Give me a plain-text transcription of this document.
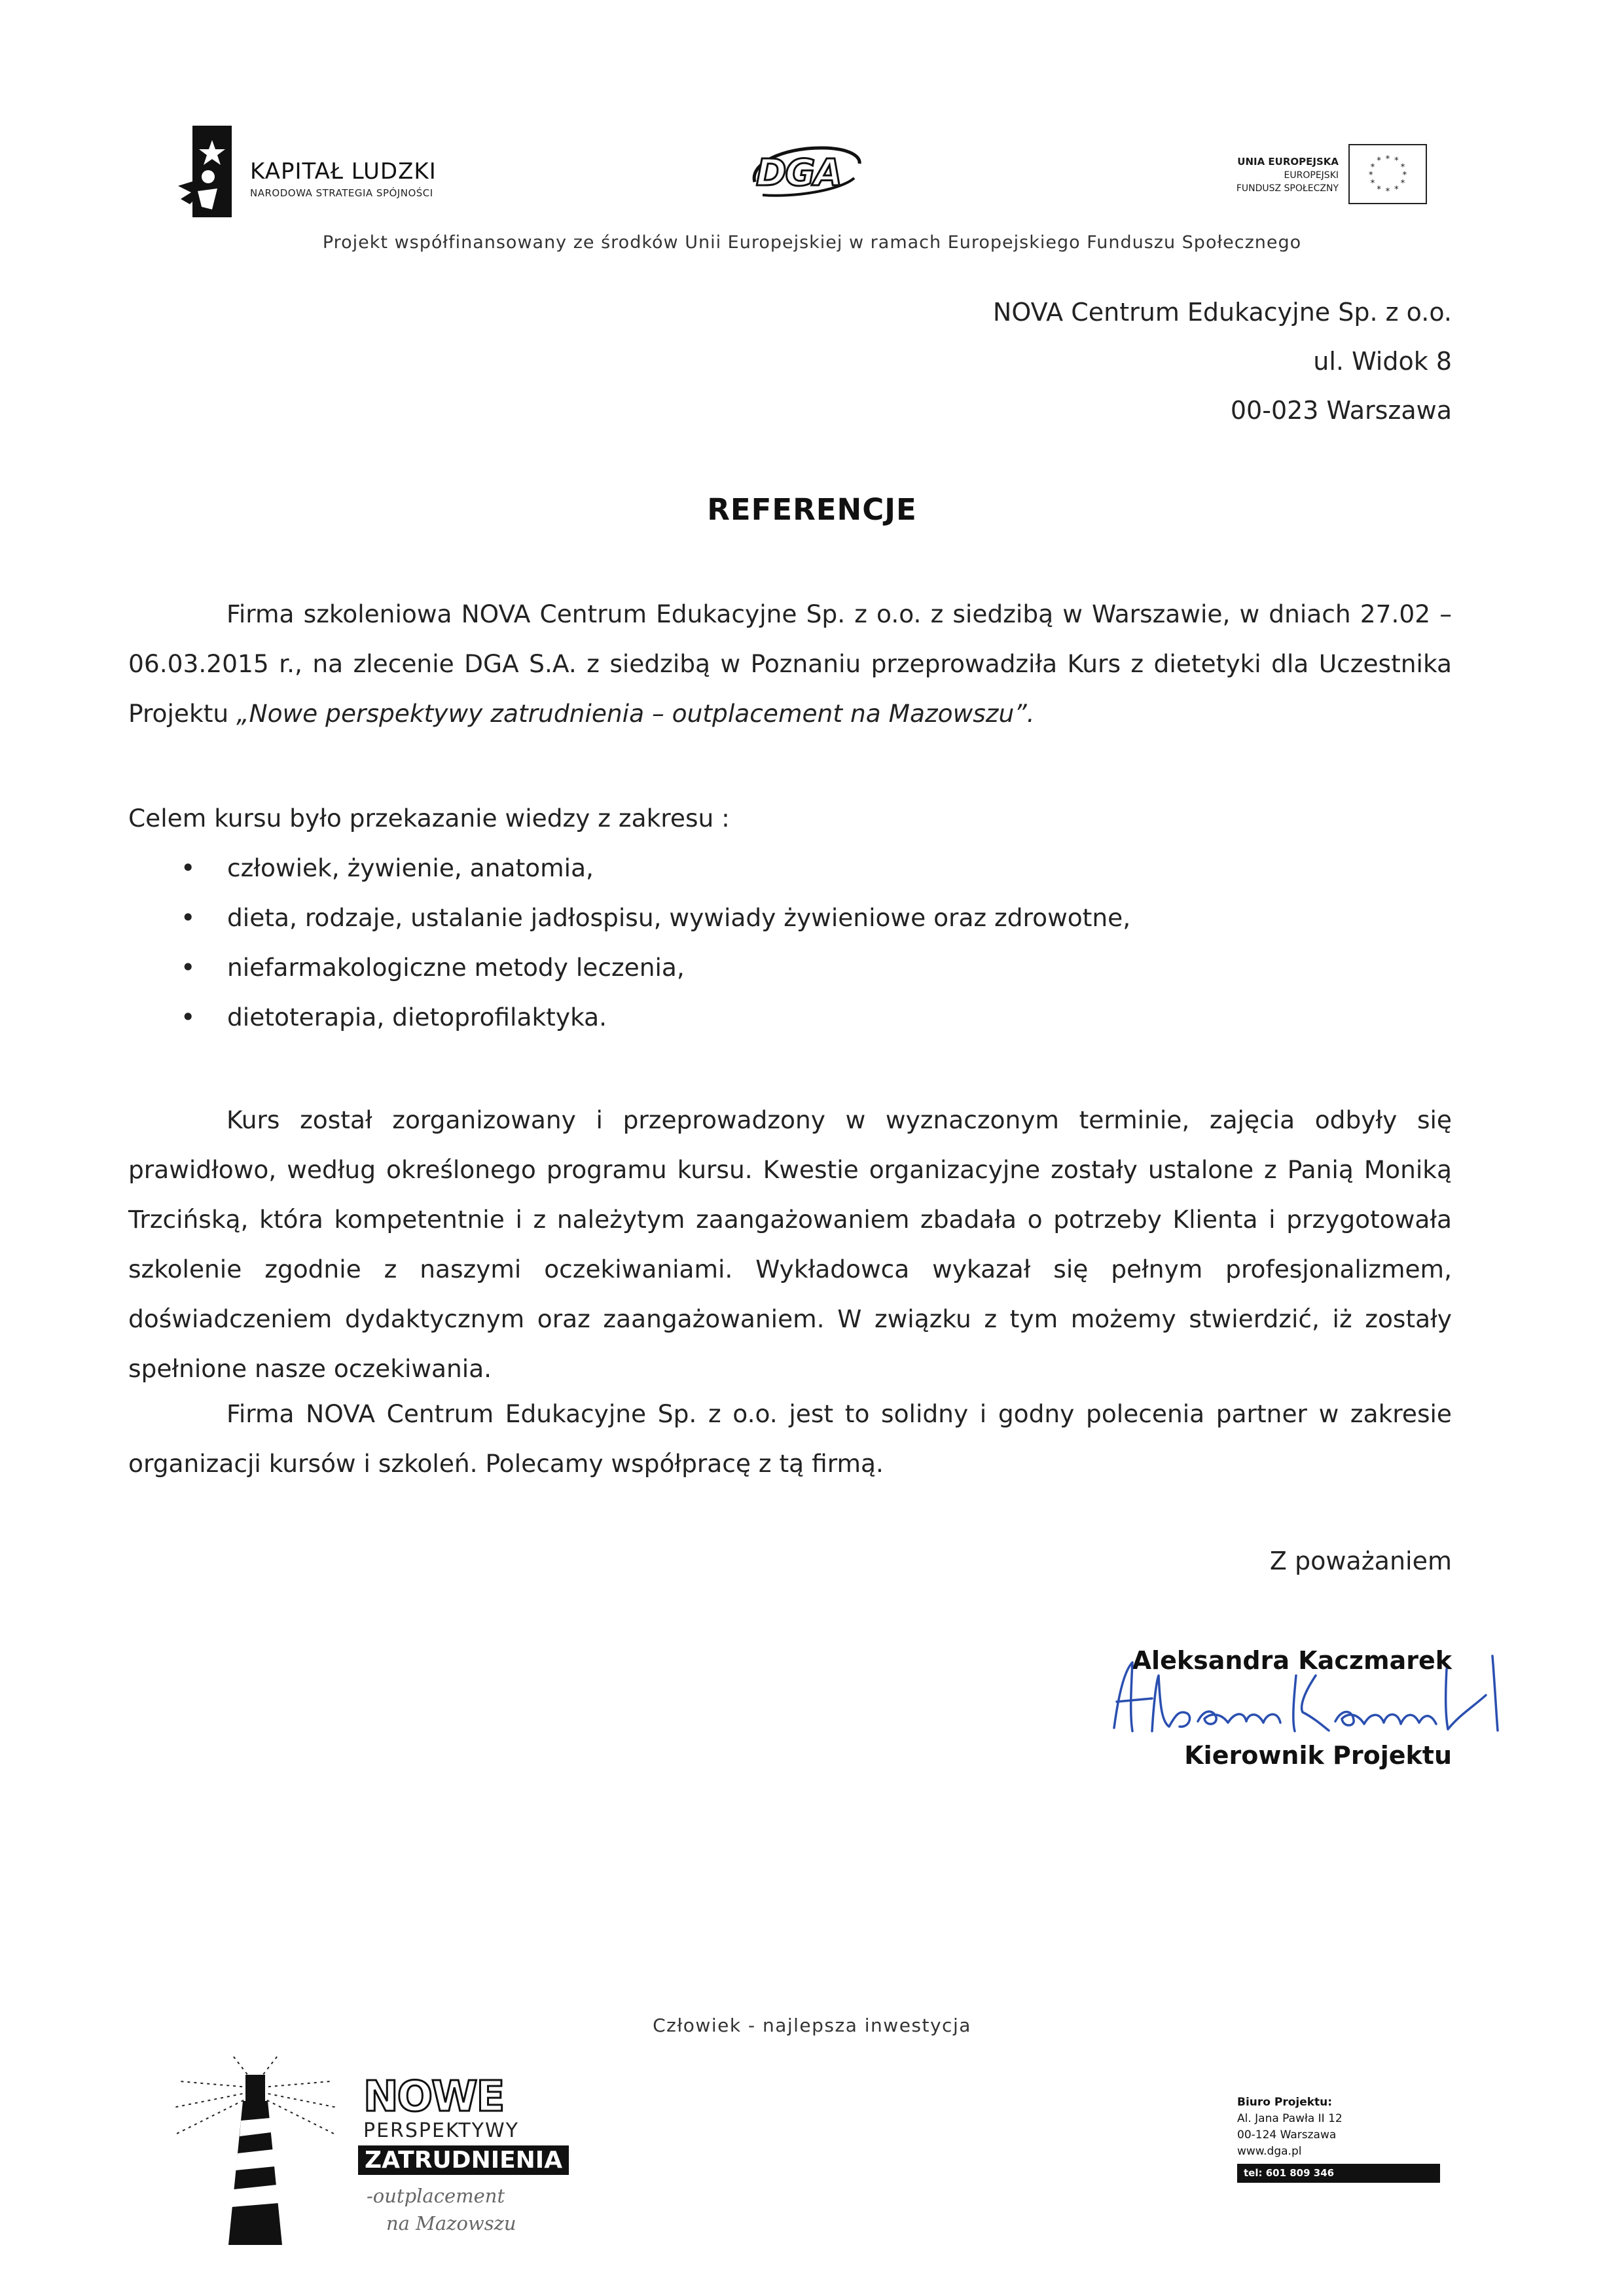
KAPITAŁ LUDZKI
NARODOWA STRATEGIA SPÓJNOŚCI	DGA	UNIA EUROPEJSKA
EUROPEJSKI
FUNDUSZ SPOŁECZNY
* *
*
*
*
*
*
*
*
*
*
*
Projekt współfinansowany ze środków Unii Europejskiej w ramach Europejskiego Funduszu Społecznego
NOVA Centrum Edukacyjne Sp. z o.o.
ul. Widok 8
00-023 Warszawa
REFERENCJE
Firma szkoleniowa NOVA Centrum Edukacyjne Sp. z o.o. z siedzibą w Warszawie, w dniach 27.02 – 06.03.2015 r., na zlecenie DGA S.A. z siedzibą w Poznaniu przeprowadziła Kurs z dietetyki dla Uczestnika Projektu „Nowe perspektywy zatrudnienia – outplacement na Mazowszu”.
Celem kursu było przekazanie wiedzy z zakresu :
• człowiek, żywienie, anatomia,
• dieta, rodzaje, ustalanie jadłospisu, wywiady żywieniowe oraz zdrowotne,
• niefarmakologiczne metody leczenia,
• dietoterapia, dietoprofilaktyka.
Kurs został zorganizowany i przeprowadzony w wyznaczonym terminie, zajęcia odbyły się prawidłowo, według określonego programu kursu. Kwestie organizacyjne zostały ustalone z Panią Moniką Trzcińską, która kompetentnie i z należytym zaangażowaniem zbadała o potrzeby Klienta i przygotowała szkolenie zgodnie z naszymi oczekiwaniami. Wykładowca wykazał się pełnym profesjonalizmem, doświadczeniem dydaktycznym oraz zaangażowaniem. W związku z tym możemy stwierdzić, iż zostały spełnione nasze oczekiwania.
Firma NOVA Centrum Edukacyjne Sp. z o.o. jest to solidny i godny polecenia partner w zakresie organizacji kursów i szkoleń. Polecamy współpracę z tą firmą.
Z poważaniem
Aleksandra Kaczmarek
Kierownik Projektu
Człowiek - najlepsza inwestycja
NOWE
PERSPEKTYWY
ZATRUDNIENIA
-outplacement
na Mazowszu
Biuro Projektu:
Al. Jana Pawła II 12
00-124 Warszawa
www.dga.pl
tel: 601 809 346
